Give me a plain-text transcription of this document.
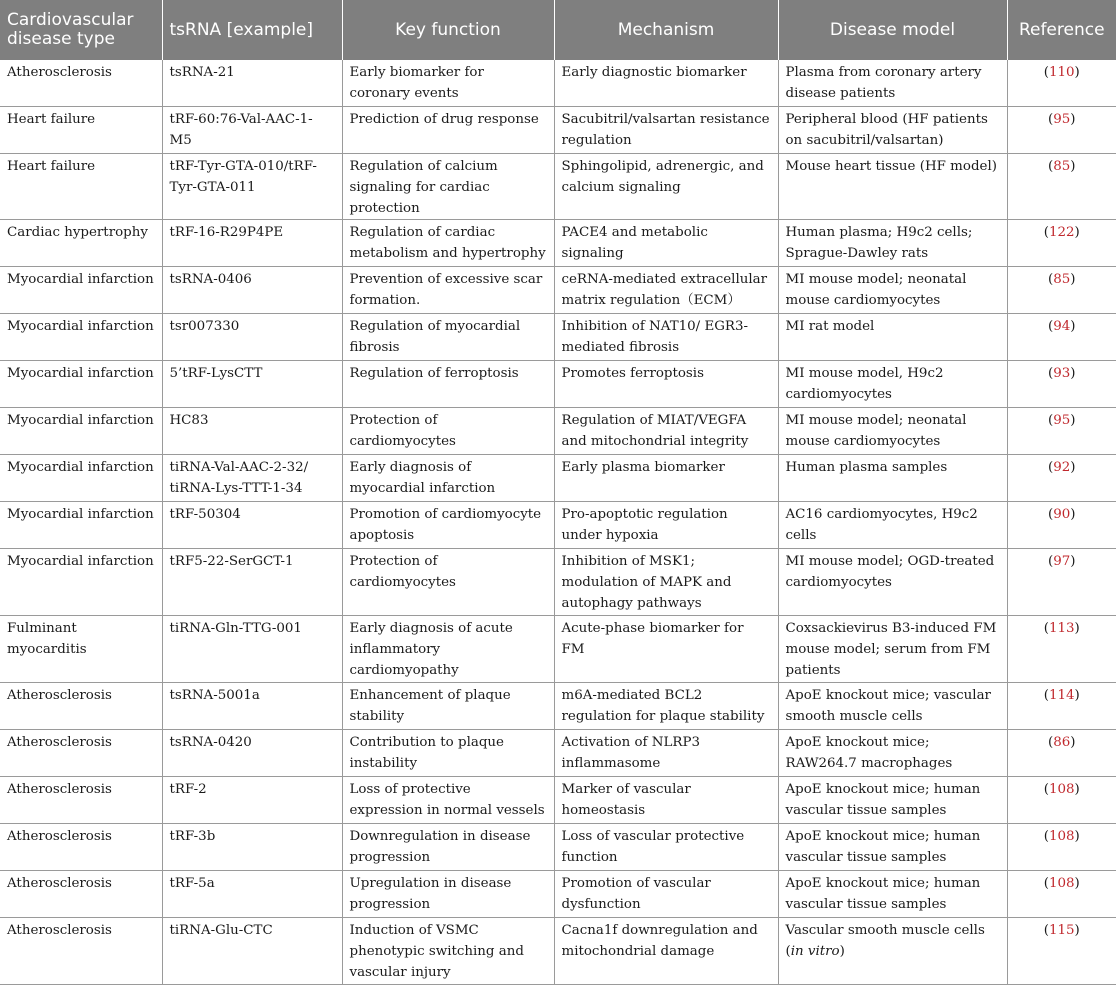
Cardiovascular disease type	tsRNA [example]	Key function	Mechanism	Disease model	Reference
Atherosclerosis	tsRNA-21	Early biomarker for coronary events	Early diagnostic biomarker	Plasma from coronary artery disease patients	(110)
Heart failure	tRF-60:76-Val-AAC-1-M5	Prediction of drug response	Sacubitril/valsartan resistance regulation	Peripheral blood (HF patients on sacubitril/valsartan)	(95)
Heart failure	tRF-Tyr-GTA-010/tRF-Tyr-GTA-011	Regulation of calcium signaling for cardiac protection	Sphingolipid, adrenergic, and calcium signaling	Mouse heart tissue (HF model)	(85)
Cardiac hypertrophy	tRF-16-R29P4PE	Regulation of cardiac metabolism and hypertrophy	PACE4 and metabolic signaling	Human plasma; H9c2 cells; Sprague-Dawley rats	(122)
Myocardial infarction	tsRNA-0406	Prevention of excessive scar formation.	ceRNA-mediated extracellular matrix regulation（ECM）	MI mouse model; neonatal mouse cardiomyocytes	(85)
Myocardial infarction	tsr007330	Regulation of myocardial fibrosis	Inhibition of NAT10/ EGR3-mediated fibrosis	MI rat model	(94)
Myocardial infarction	5’tRF-LysCTT	Regulation of ferroptosis	Promotes ferroptosis	MI mouse model, H9c2 cardiomyocytes	(93)
Myocardial infarction	HC83	Protection of cardiomyocytes	Regulation of MIAT/VEGFA and mitochondrial integrity	MI mouse model; neonatal mouse cardiomyocytes	(95)
Myocardial infarction	tiRNA-Val-AAC-2-32/ tiRNA-Lys-TTT-1-34	Early diagnosis of myocardial infarction	Early plasma biomarker	Human plasma samples	(92)
Myocardial infarction	tRF-50304	Promotion of cardiomyocyte apoptosis	Pro-apoptotic regulation under hypoxia	AC16 cardiomyocytes, H9c2 cells	(90)
Myocardial infarction	tRF5-22-SerGCT-1	Protection of cardiomyocytes	Inhibition of MSK1; modulation of MAPK and autophagy pathways	MI mouse model; OGD-treated cardiomyocytes	(97)
Fulminant myocarditis	tiRNA-Gln-TTG-001	Early diagnosis of acute inflammatory cardiomyopathy	Acute-phase biomarker for FM	Coxsackievirus B3-induced FM mouse model; serum from FM patients	(113)
Atherosclerosis	tsRNA-5001a	Enhancement of plaque stability	m6A-mediated BCL2 regulation for plaque stability	ApoE knockout mice; vascular smooth muscle cells	(114)
Atherosclerosis	tsRNA-0420	Contribution to plaque instability	Activation of NLRP3 inflammasome	ApoE knockout mice; RAW264.7 macrophages	(86)
Atherosclerosis	tRF-2	Loss of protective expression in normal vessels	Marker of vascular homeostasis	ApoE knockout mice; human vascular tissue samples	(108)
Atherosclerosis	tRF-3b	Downregulation in disease progression	Loss of vascular protective function	ApoE knockout mice; human vascular tissue samples	(108)
Atherosclerosis	tRF-5a	Upregulation in disease progression	Promotion of vascular dysfunction	ApoE knockout mice; human vascular tissue samples	(108)
Atherosclerosis	tiRNA-Glu-CTC	Induction of VSMC phenotypic switching and vascular injury	Cacna1f downregulation and mitochondrial damage	Vascular smooth muscle cells (in vitro)	(115)
